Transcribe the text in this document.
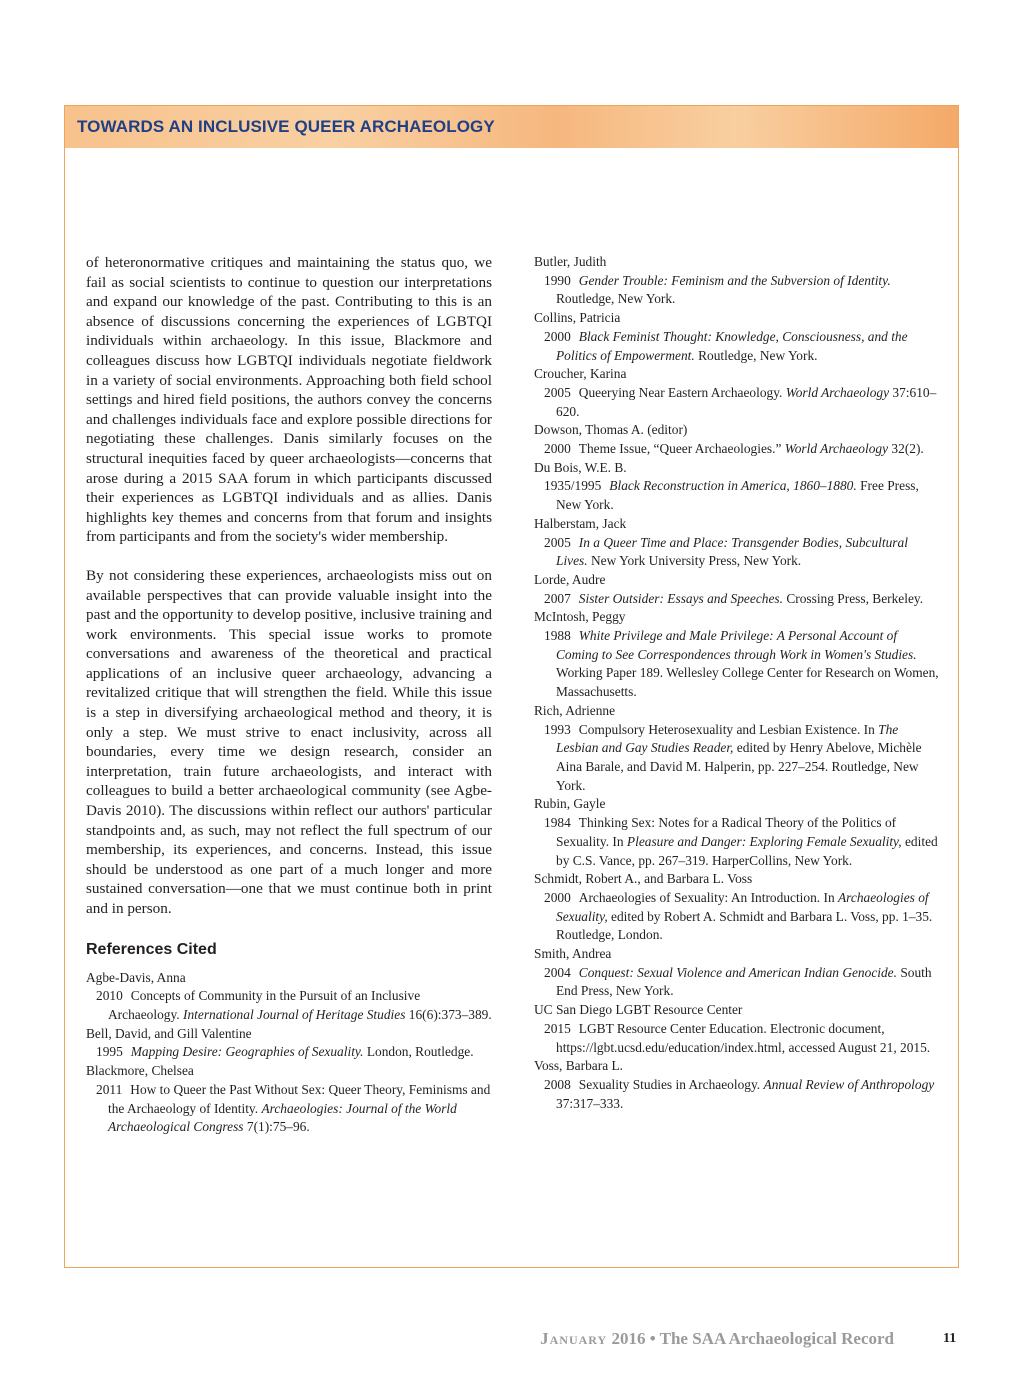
TOWARDS AN INCLUSIVE QUEER ARCHAEOLOGY

of heteronormative critiques and maintaining the status quo, we fail as social scientists to continue to question our interpretations and expand our knowledge of the past. Contributing to this is an absence of discussions concerning the experiences of LGBTQI individuals within archaeology. In this issue, Blackmore and colleagues discuss how LGBTQI individuals negotiate fieldwork in a variety of social environments. Approaching both field school settings and hired field positions, the authors convey the concerns and challenges individuals face and explore possible directions for negotiating these challenges. Danis similarly focuses on the structural inequities faced by queer archaeologists—concerns that arose during a 2015 SAA forum in which participants discussed their experiences as LGBTQI individuals and as allies. Danis highlights key themes and concerns from that forum and insights from participants and from the society's wider membership.

By not considering these experiences, archaeologists miss out on available perspectives that can provide valuable insight into the past and the opportunity to develop positive, inclusive training and work environments. This special issue works to promote conversations and awareness of the theoretical and practical applications of an inclusive queer archaeology, advancing a revitalized critique that will strengthen the field. While this issue is a step in diversifying archaeological method and theory, it is only a step. We must strive to enact inclusivity, across all boundaries, every time we design research, consider an interpretation, train future archaeologists, and interact with colleagues to build a better archaeological community (see Agbe-Davis 2010). The discussions within reflect our authors' particular standpoints and, as such, may not reflect the full spectrum of our membership, its experiences, and concerns. Instead, this issue should be understood as one part of a much longer and more sustained conversation—one that we must continue both in print and in person.

References Cited
Agbe-Davis, Anna
2010 Concepts of Community in the Pursuit of an Inclusive Archaeology. International Journal of Heritage Studies 16(6):373–389.
Bell, David, and Gill Valentine
1995 Mapping Desire: Geographies of Sexuality. London, Routledge.
Blackmore, Chelsea
2011 How to Queer the Past Without Sex: Queer Theory, Feminisms and the Archaeology of Identity. Archaeologies: Journal of the World Archaeological Congress 7(1):75–96.
Butler, Judith
1990 Gender Trouble: Feminism and the Subversion of Identity. Routledge, New York.
Collins, Patricia
2000 Black Feminist Thought: Knowledge, Consciousness, and the Politics of Empowerment. Routledge, New York.
Croucher, Karina
2005 Queerying Near Eastern Archaeology. World Archaeology 37:610–620.
Dowson, Thomas A. (editor)
2000 Theme Issue, “Queer Archaeologies.” World Archaeology 32(2).
Du Bois, W.E. B.
1935/1995 Black Reconstruction in America, 1860–1880. Free Press, New York.
Halberstam, Jack
2005 In a Queer Time and Place: Transgender Bodies, Subcultural Lives. New York University Press, New York.
Lorde, Audre
2007 Sister Outsider: Essays and Speeches. Crossing Press, Berkeley.
McIntosh, Peggy
1988 White Privilege and Male Privilege: A Personal Account of Coming to See Correspondences through Work in Women's Studies. Working Paper 189. Wellesley College Center for Research on Women, Massachusetts.
Rich, Adrienne
1993 Compulsory Heterosexuality and Lesbian Existence. In The Lesbian and Gay Studies Reader, edited by Henry Abelove, Michèle Aina Barale, and David M. Halperin, pp. 227–254. Routledge, New York.
Rubin, Gayle
1984 Thinking Sex: Notes for a Radical Theory of the Politics of Sexuality. In Pleasure and Danger: Exploring Female Sexuality, edited by C.S. Vance, pp. 267–319. HarperCollins, New York.
Schmidt, Robert A., and Barbara L. Voss
2000 Archaeologies of Sexuality: An Introduction. In Archaeologies of Sexuality, edited by Robert A. Schmidt and Barbara L. Voss, pp. 1–35. Routledge, London.
Smith, Andrea
2004 Conquest: Sexual Violence and American Indian Genocide. South End Press, New York.
UC San Diego LGBT Resource Center
2015 LGBT Resource Center Education. Electronic document, https://lgbt.ucsd.edu/education/index.html, accessed August 21, 2015.
Voss, Barbara L.
2008 Sexuality Studies in Archaeology. Annual Review of Anthropology 37:317–333.
January 2016 • The SAA Archaeological Record	11
